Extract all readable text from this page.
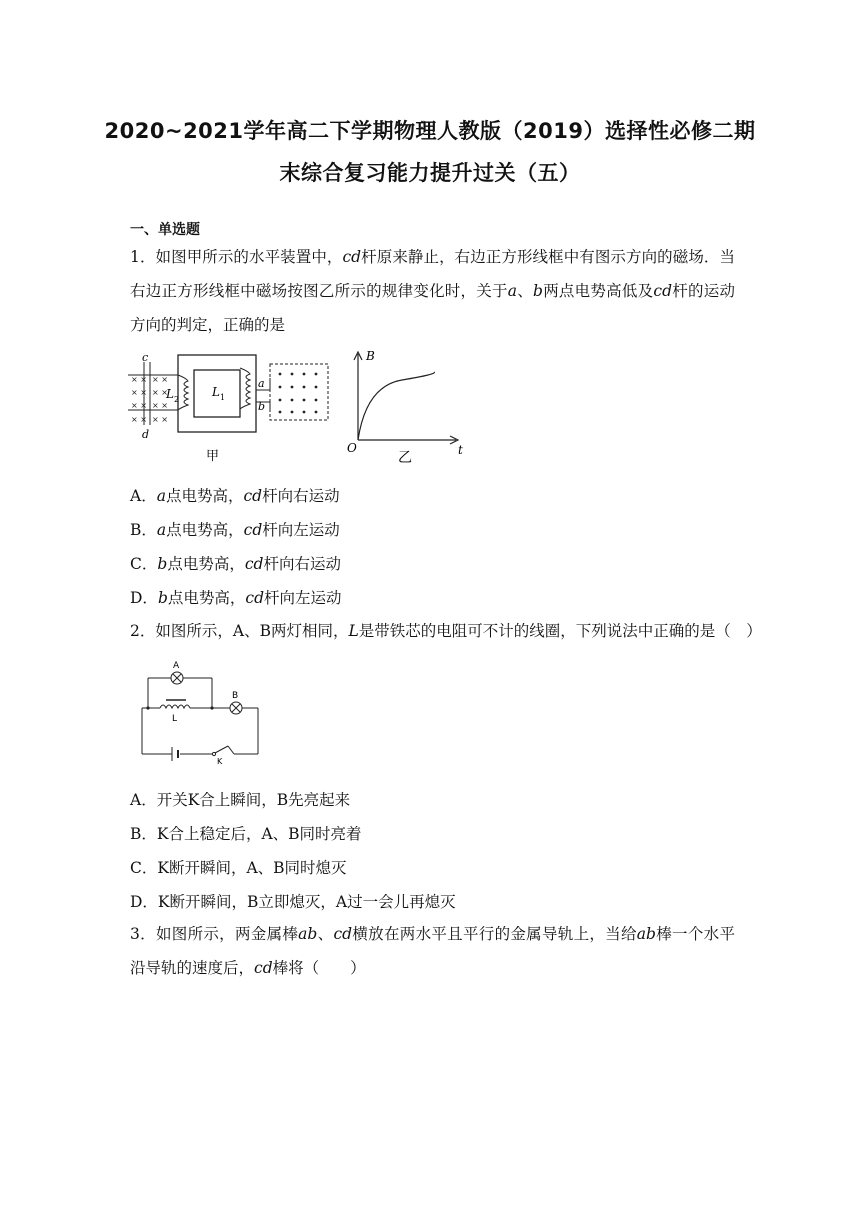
2020~2021学年高二下学期物理人教版（2019）选择性必修二期
末综合复习能力提升过关（五）
一、单选题
1．如图甲所示的水平装置中，cd杆原来静止，右边正方形线框中有图示方向的磁场．当右边正方形线框中磁场按图乙所示的规律变化时，关于a、b两点电势高低及cd杆的运动方向的判定，正确的是
× × × ×
× × × ×
× × × ×
× × × ×
c
d
L 2
L 1
a
b
甲
B
O	t
乙
A．a点电势高，cd杆向右运动
B．a点电势高，cd杆向左运动
C．b点电势高，cd杆向右运动
D．b点电势高，cd杆向左运动
2．如图所示，A、B两灯相同，L是带铁芯的电阻可不计的线圈，下列说法中正确的是（　）
A
B
L
K
A．开关K合上瞬间，B先亮起来
B．K合上稳定后，A、B同时亮着
C．K断开瞬间，A、B同时熄灭
D．K断开瞬间，B立即熄灭，A过一会儿再熄灭
3．如图所示，两金属棒ab、cd横放在两水平且平行的金属导轨上，当给ab棒一个水平沿导轨的速度后，cd棒将（　　）
